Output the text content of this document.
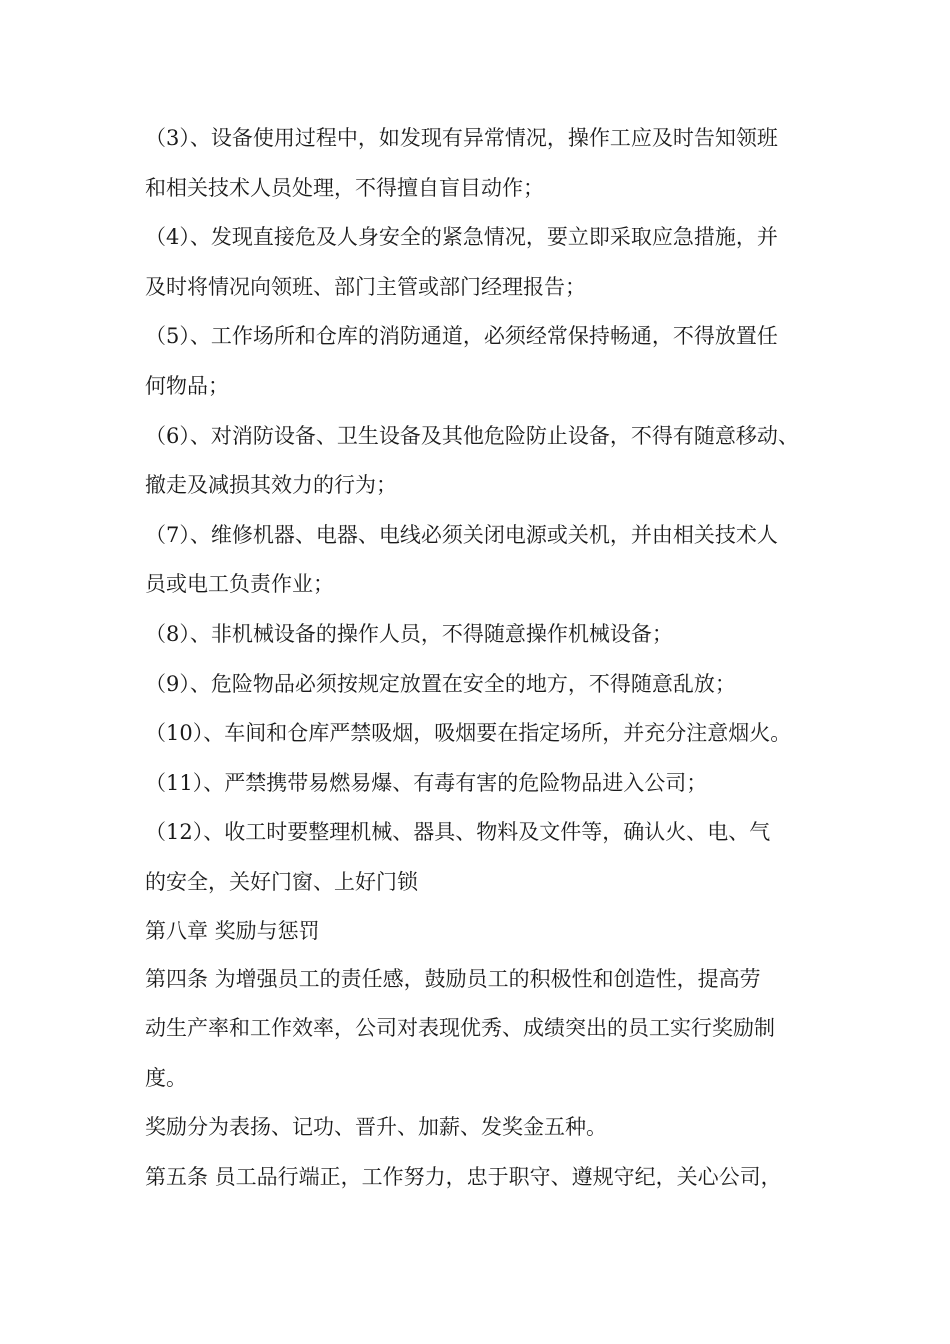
（3）、设备使用过程中，如发现有异常情况，操作工应及时告知领班
和相关技术人员处理，不得擅自盲目动作；
（4）、发现直接危及人身安全的紧急情况，要立即采取应急措施，并
及时将情况向领班、部门主管或部门经理报告；
（5）、工作场所和仓库的消防通道，必须经常保持畅通，不得放置任
何物品；
（6）、对消防设备、卫生设备及其他危险防止设备，不得有随意移动、
撤走及减损其效力的行为；
（7）、维修机器、电器、电线必须关闭电源或关机，并由相关技术人
员或电工负责作业；
（8）、非机械设备的操作人员，不得随意操作机械设备；
（9）、危险物品必须按规定放置在安全的地方，不得随意乱放；
（10）、车间和仓库严禁吸烟，吸烟要在指定场所，并充分注意烟火。
（11）、严禁携带易燃易爆、有毒有害的危险物品进入公司；
（12）、收工时要整理机械、器具、物料及文件等，确认火、电、气
的安全，关好门窗、上好门锁
第八章 奖励与惩罚
第四条 为增强员工的责任感，鼓励员工的积极性和创造性，提高劳
动生产率和工作效率，公司对表现优秀、成绩突出的员工实行奖励制
度。
奖励分为表扬、记功、晋升、加薪、发奖金五种。
第五条 员工品行端正，工作努力，忠于职守、遵规守纪，关心公司，
